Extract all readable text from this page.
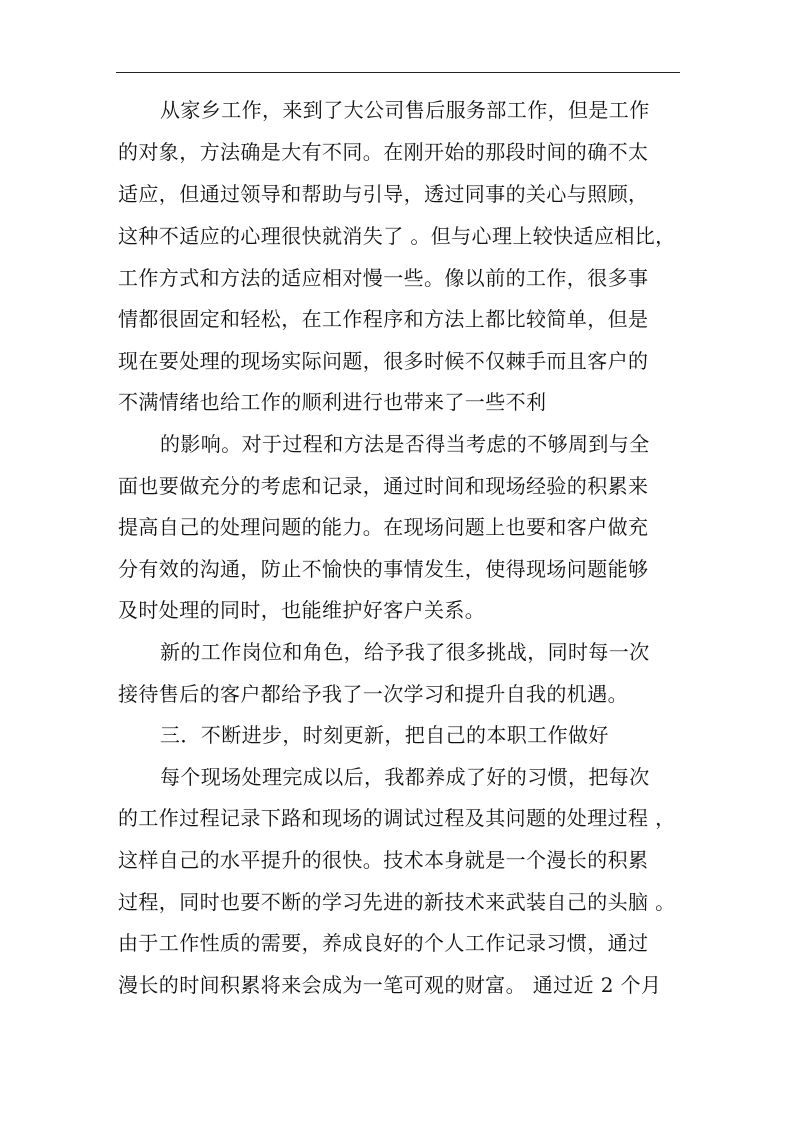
从家乡工作，来到了大公司售后服务部工作，但是工作
的对象，方法确是大有不同。在刚开始的那段时间的确不太
适应，但通过领导和帮助与引导，透过同事的关心与照顾，
这种不适应的心理很快就消失了 。但与心理上较快适应相比，
工作方式和方法的适应相对慢一些。像以前的工作，很多事
情都很固定和轻松，在工作程序和方法上都比较简单，但是
现在要处理的现场实际问题，很多时候不仅棘手而且客户的
不满情绪也给工作的顺利进行也带来了一些不利
的影响。对于过程和方法是否得当考虑的不够周到与全
面也要做充分的考虑和记录，通过时间和现场经验的积累来
提高自己的处理问题的能力。在现场问题上也要和客户做充
分有效的沟通，防止不愉快的事情发生，使得现场问题能够
及时处理的同时，也能维护好客户关系。
新的工作岗位和角色，给予我了很多挑战，同时每一次
接待售后的客户都给予我了一次学习和提升自我的机遇。
三．不断进步，时刻更新，把自己的本职工作做好
每个现场处理完成以后，我都养成了好的习惯，把每次
的工作过程记录下路和现场的调试过程及其问题的处理过程 ，
这样自己的水平提升的很快。技术本身就是一个漫长的积累
过程，同时也要不断的学习先进的新技术来武装自己的头脑 。
由于工作性质的需要，养成良好的个人工作记录习惯，通过
漫长的时间积累将来会成为一笔可观的财富。 通过近 2 个月
